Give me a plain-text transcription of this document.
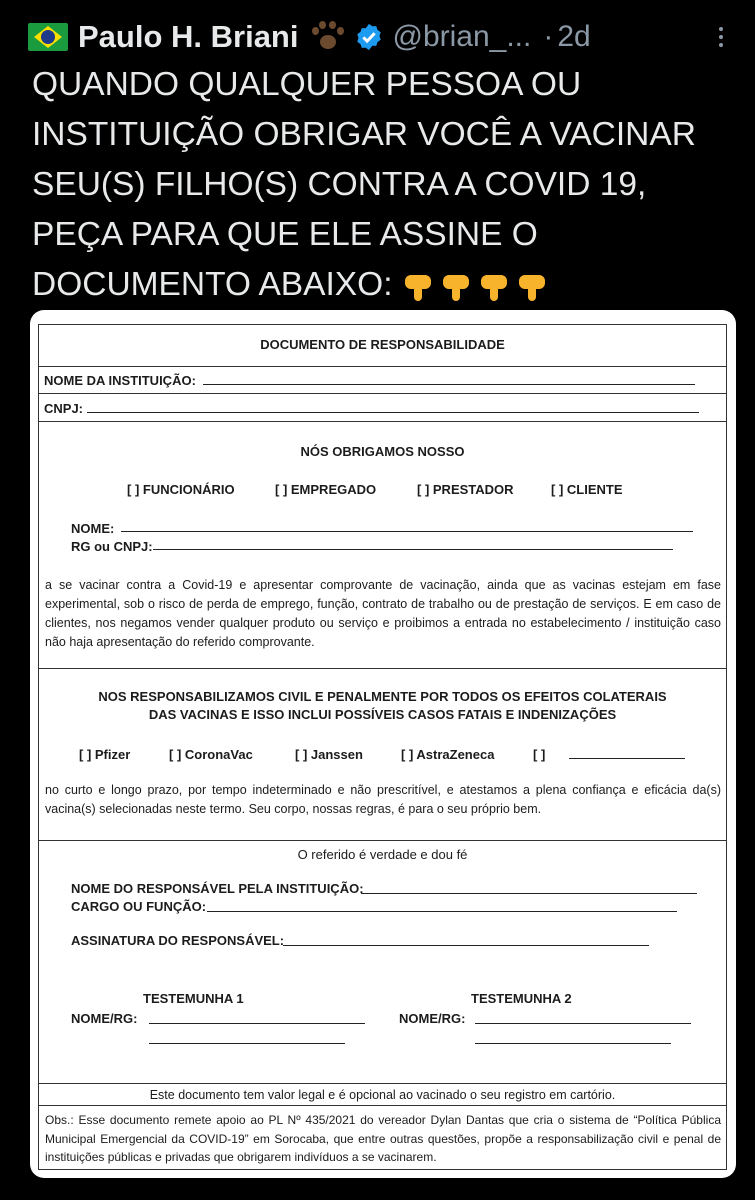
Paulo H. Briani	@brian_... · 2d
QUANDO QUALQUER PESSOA OU
INSTITUIÇÃO OBRIGAR VOCÊ A VACINAR
SEU(S) FILHO(S) CONTRA A COVID 19,
PEÇA PARA QUE ELE ASSINE O
DOCUMENTO ABAIXO:
DOCUMENTO DE RESPONSABILIDADE
NOME DA INSTITUIÇÃO:
CNPJ:
NÓS OBRIGAMOS NOSSO
[ ] FUNCIONÁRIO	[ ] EMPREGADO	[ ] PRESTADOR	[ ] CLIENTE
NOME:
RG ou CNPJ:
a se vacinar contra a Covid-19 e apresentar comprovante de vacinação, ainda que as vacinas estejam em fase experimental, sob o risco de perda de emprego, função, contrato de trabalho ou de prestação de serviços. E em caso de clientes, nos negamos vender qualquer produto ou serviço e proibimos a entrada no estabelecimento / instituição caso não haja apresentação do referido comprovante.
NOS RESPONSABILIZAMOS CIVIL E PENALMENTE POR TODOS OS EFEITOS COLATERAIS
DAS VACINAS E ISSO INCLUI POSSÍVEIS CASOS FATAIS E INDENIZAÇÕES
[ ] Pfizer	[ ] CoronaVac	[ ] Janssen	[ ] AstraZeneca	[ ]
no curto e longo prazo, por tempo indeterminado e não prescritível, e atestamos a plena confiança e eficácia da(s) vacina(s) selecionadas neste termo. Seu corpo, nossas regras, é para o seu próprio bem.
O referido é verdade e dou fé
NOME DO RESPONSÁVEL PELA INSTITUIÇÃO:
CARGO OU FUNÇÃO:
ASSINATURA DO RESPONSÁVEL:
TESTEMUNHA 1	TESTEMUNHA 2
NOME/RG:	NOME/RG:
Este documento tem valor legal e é opcional ao vacinado o seu registro em cartório.
Obs.: Esse documento remete apoio ao PL Nº 435/2021 do vereador Dylan Dantas que cria o sistema de “Política Pública Municipal Emergencial da COVID-19” em Sorocaba, que entre outras questões, propõe a responsabilização civil e penal de instituições públicas e privadas que obrigarem indivíduos a se vacinarem.
